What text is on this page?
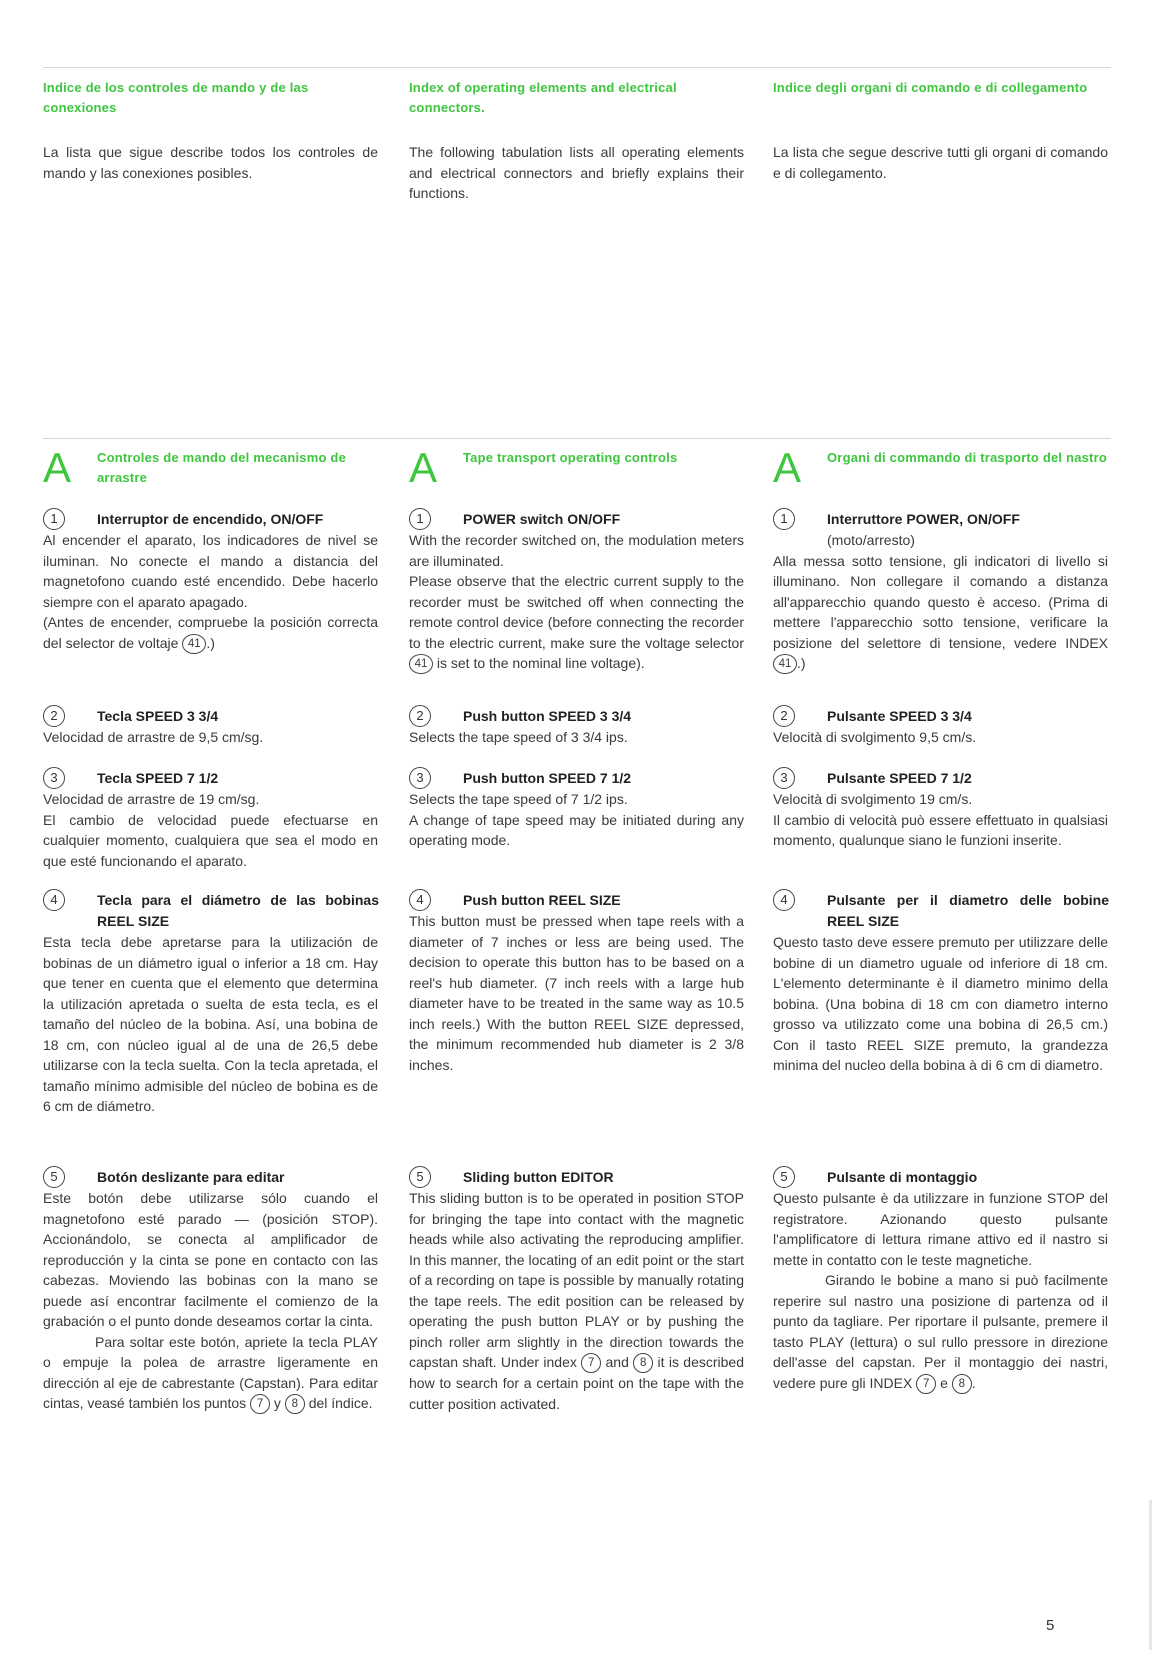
Indice de los controles de mando y de las conexiones
Index of operating elements and electrical connectors.
Indice degli organi di comando e di collegamento
La lista que sigue describe todos los controles de mando y las conexiones posibles.
The following tabulation lists all operating elements and electrical connectors and briefly explains their functions.
La lista che segue descrive tutti gli organi di comando e di collegamento.
A Controles de mando del mecanismo de arrastre	A Tape transport operating controls	A Organi di commando di trasporto del nastro
1	Interruptor de encendido, ON/OFF

Al encender el aparato, los indicadores de nivel se iluminan. No conecte el mando a distancia del magnetofono cuando esté encendido. Debe hacerlo siempre con el aparato apagado.

(Antes de encender, compruebe la posición correcta del selector de voltaje 41 .)

2	Tecla SPEED 3 3/4

Velocidad de arrastre de 9,5 cm/sg.

3	Tecla SPEED 7 1/2

Velocidad de arrastre de 19 cm/sg.

El cambio de velocidad puede efectuarse en cualquier momento, cualquiera que sea el modo en que esté funcionando el aparato.

4	Tecla para el diámetro de las bobinas REEL SIZE

Esta tecla debe apretarse para la utilización de bobinas de un diámetro igual o inferior a 18 cm. Hay que tener en cuenta que el elemento que determina la utilización apretada o suelta de esta tecla, es el tamaño del núcleo de la bobina. Así, una bobina de 18 cm, con núcleo igual al de una de 26,5 debe utilizarse con la tecla suelta. Con la tecla apretada, el tamaño mínimo admisible del núcleo de bobina es de 6 cm de diámetro.

5	Botón deslizante para editar

Este botón debe utilizarse sólo cuando el magnetofono esté parado — (posición STOP). Accionándolo, se conecta al amplificador de reproducción y la cinta se pone en contacto con las cabezas. Moviendo las bobinas con la mano se puede así encontrar facilmente el comienzo de la grabación o el punto donde deseamos cortar la cinta.

Para soltar este botón, apriete la tecla PLAY o empuje la polea de arrastre ligeramente en dirección al eje de cabrestante (Capstan). Para editar cintas, veasé también los puntos 7 y 8 del índice.

1	POWER switch ON/OFF

With the recorder switched on, the modulation meters are illuminated.

Please observe that the electric current supply to the recorder must be switched off when connecting the remote control device (before connecting the recorder to the electric current, make sure the voltage selector 41 is set to the nominal line voltage).

2	Push button SPEED 3 3/4

Selects the tape speed of 3 3/4 ips.

3	Push button SPEED 7 1/2

Selects the tape speed of 7 1/2 ips.

A change of tape speed may be initiated during any operating mode.

4	Push button REEL SIZE

This button must be pressed when tape reels with a diameter of 7 inches or less are being used. The decision to operate this button has to be based on a reel's hub diameter. (7 inch reels with a large hub diameter have to be treated in the same way as 10.5 inch reels.) With the button REEL SIZE depressed, the minimum recommended hub diameter is 2 3/8 inches.

5	Sliding button EDITOR

This sliding button is to be operated in position STOP for bringing the tape into contact with the magnetic heads while also activating the reproducing amplifier. In this manner, the locating of an edit point or the start of a recording on tape is possible by manually rotating the tape reels. The edit position can be released by operating the push button PLAY or by pushing the pinch roller arm slightly in the direction towards the capstan shaft. Under index 7 and 8 it is described how to search for a certain point on the tape with the cutter position activated.

1	Interruttore POWER, ON/OFF

(moto/arresto)

Alla messa sotto tensione, gli indicatori di livello si illuminano. Non collegare il comando a distanza all'apparecchio quando questo è acceso. (Prima di mettere l'apparecchio sotto tensione, verificare la posizione del selettore di tensione, vedere INDEX 41 .)

2	Pulsante SPEED 3 3/4

Velocità di svolgimento 9,5 cm/s.

3	Pulsante SPEED 7 1/2

Velocità di svolgimento 19 cm/s.

Il cambio di velocità può essere effettuato in qualsiasi momento, qualunque siano le funzioni inserite.

4	Pulsante per il diametro delle bobine REEL SIZE

Questo tasto deve essere premuto per utilizzare delle bobine di un diametro uguale od inferiore di 18 cm. L'elemento determinante è il diametro minimo della bobina. (Una bobina di 18 cm con diametro interno grosso va utilizzato come una bobina di 26,5 cm.) Con il tasto REEL SIZE premuto, la grandezza minima del nucleo della bobina à di 6 cm di diametro.

5	Pulsante di montaggio

Questo pulsante è da utilizzare in funzione STOP del registratore. Azionando questo pulsante l'amplificatore di lettura rimane attivo ed il nastro si mette in contatto con le teste magnetiche.

Girando le bobine a mano si può facilmente reperire sul nastro una posizione di partenza od il punto da tagliare. Per riportare il pulsante, premere il tasto PLAY (lettura) o sul rullo pressore in direzione dell'asse del capstan. Per il montaggio dei nastri, vedere pure gli INDEX 7 e 8 .

5
